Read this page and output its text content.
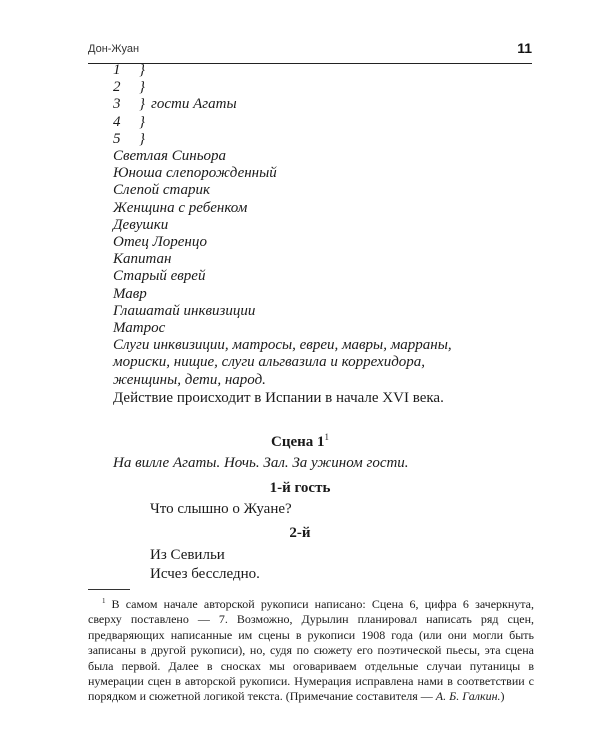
Дон-Жуан	11
1 }
2 }
3 } гости Агаты
4 }
5 }
Светлая Синьора
Юноша слепорожденный
Слепой старик
Женщина с ребенком
Девушки
Отец Лоренцо
Капитан
Старый еврей
Мавр
Глашатай инквизиции
Матрос
Слуги инквизиции, матросы, евреи, мавры, марраны,
мориски, нищие, слуги альгвазила и коррехидора,
женщины, дети, народ.
Действие происходит в Испании в начале XVI века.
Сцена $1^1$
На вилле Агаты. Ночь. Зал. За ужином гости.
1-й гость
Что слышно о Жуане?
2-й
Из Севильи
Исчез бесследно.
$^1$ В самом начале авторской рукописи написано: Сцена 6, цифра 6 зачеркнута, сверху поставлено — 7. Возможно, Дурылин планировал написать ряд сцен, предваряющих написанные им сцены в рукописи 1908 года (или они могли быть записаны в другой рукописи), но, судя по сюжету его поэтической пьесы, эта сцена была первой. Далее в сносках мы оговариваем отдельные случаи путаницы в нумерации сцен в авторской рукописи. Нумерация исправлена нами в соответствии с порядком и сюжетной логикой текста. (Примечание составителя — А. Б. Галкин.)
